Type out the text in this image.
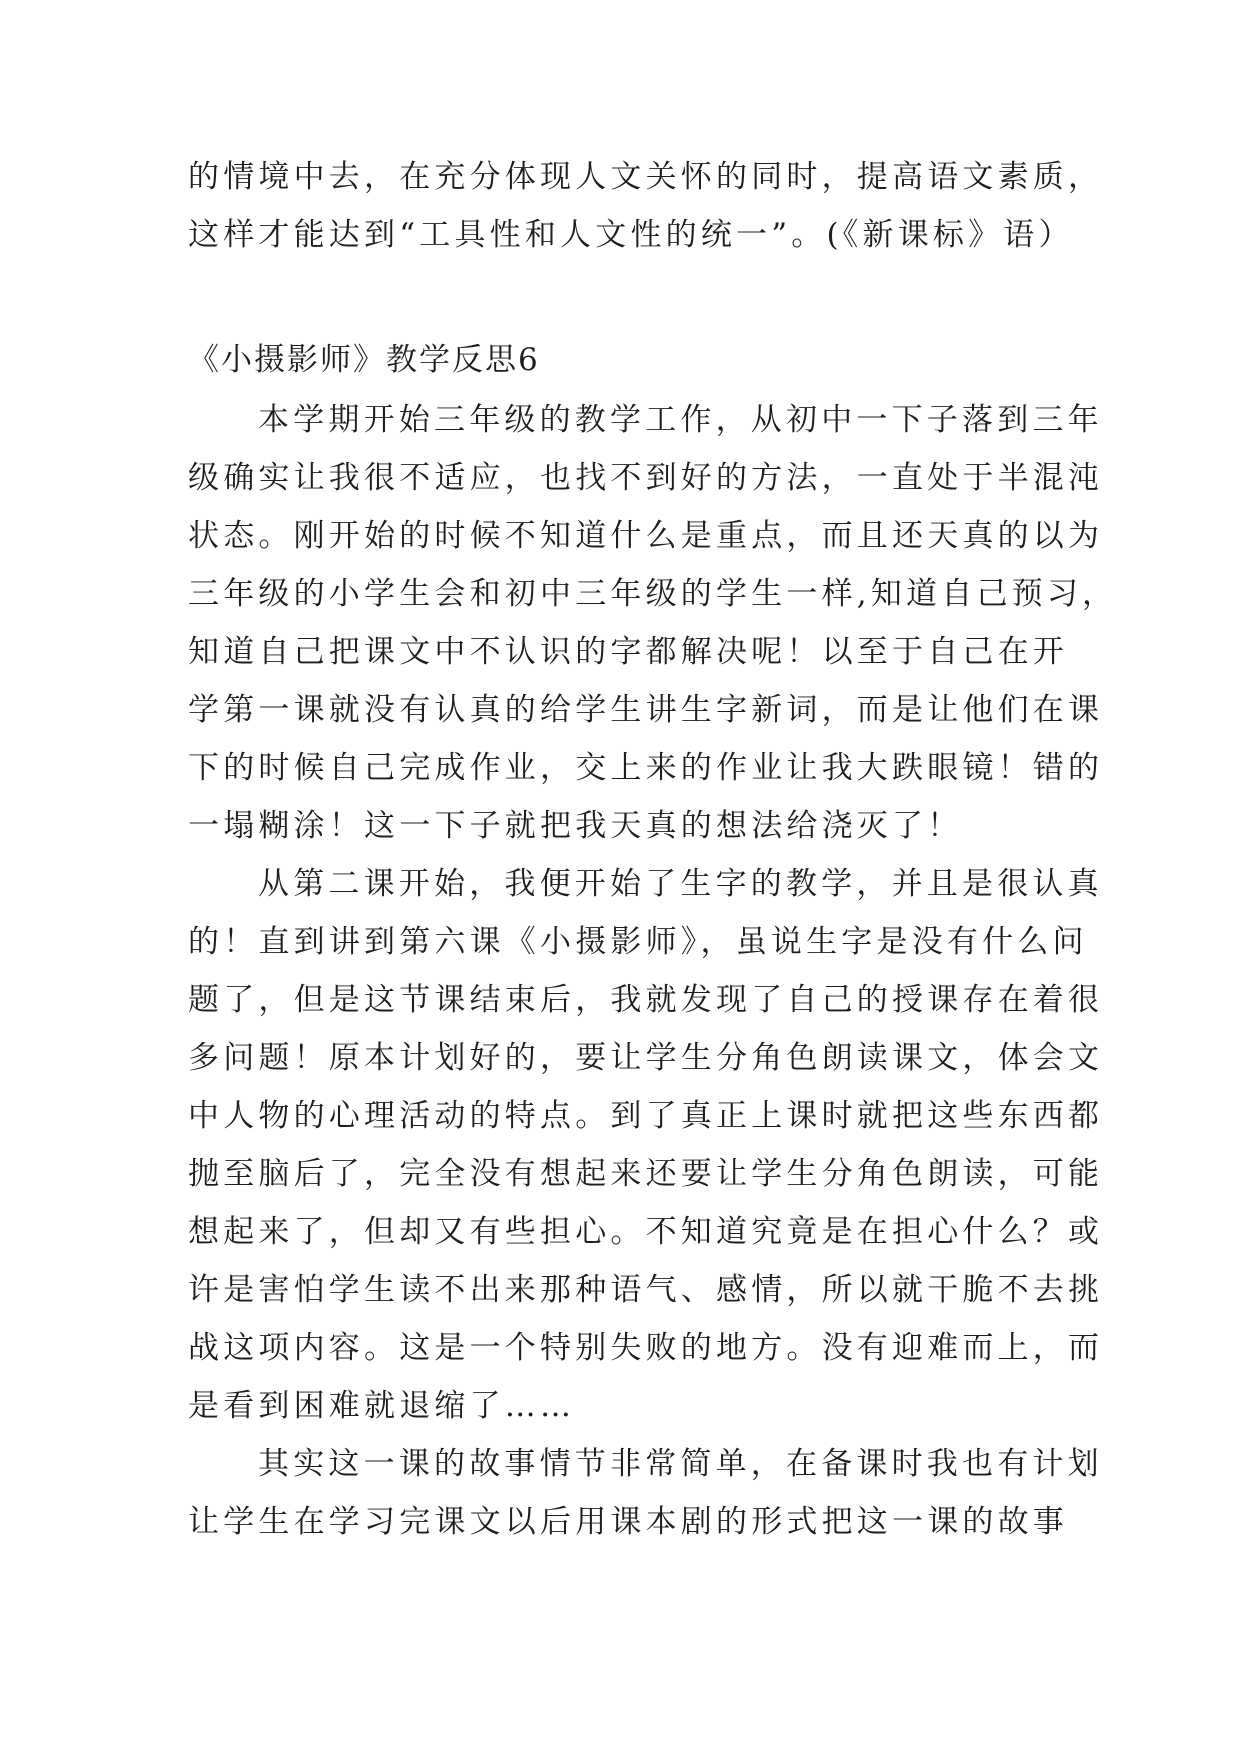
的情境中去，在充分体现人文关怀的同时，提高语文素质，
这样才能达到“工具性和人文性的统一”。(《新课标》语）
《小摄影师》教学反思6
本学期开始三年级的教学工作，从初中一下子落到三年
级确实让我很不适应，也找不到好的方法，一直处于半混沌
状态。刚开始的时候不知道什么是重点，而且还天真的以为
三年级的小学生会和初中三年级的学生一样,知道自己预习，
知道自己把课文中不认识的字都解决呢！以至于自己在开
学第一课就没有认真的给学生讲生字新词，而是让他们在课
下的时候自己完成作业，交上来的作业让我大跌眼镜！错的
一塌糊涂！这一下子就把我天真的想法给浇灭了！
从第二课开始，我便开始了生字的教学，并且是很认真
的！直到讲到第六课《小摄影师》，虽说生字是没有什么问
题了，但是这节课结束后，我就发现了自己的授课存在着很
多问题！原本计划好的，要让学生分角色朗读课文，体会文
中人物的心理活动的特点。到了真正上课时就把这些东西都
抛至脑后了，完全没有想起来还要让学生分角色朗读，可能
想起来了，但却又有些担心。不知道究竟是在担心什么？或
许是害怕学生读不出来那种语气、感情，所以就干脆不去挑
战这项内容。这是一个特别失败的地方。没有迎难而上，而
是看到困难就退缩了……
其实这一课的故事情节非常简单，在备课时我也有计划
让学生在学习完课文以后用课本剧的形式把这一课的故事
